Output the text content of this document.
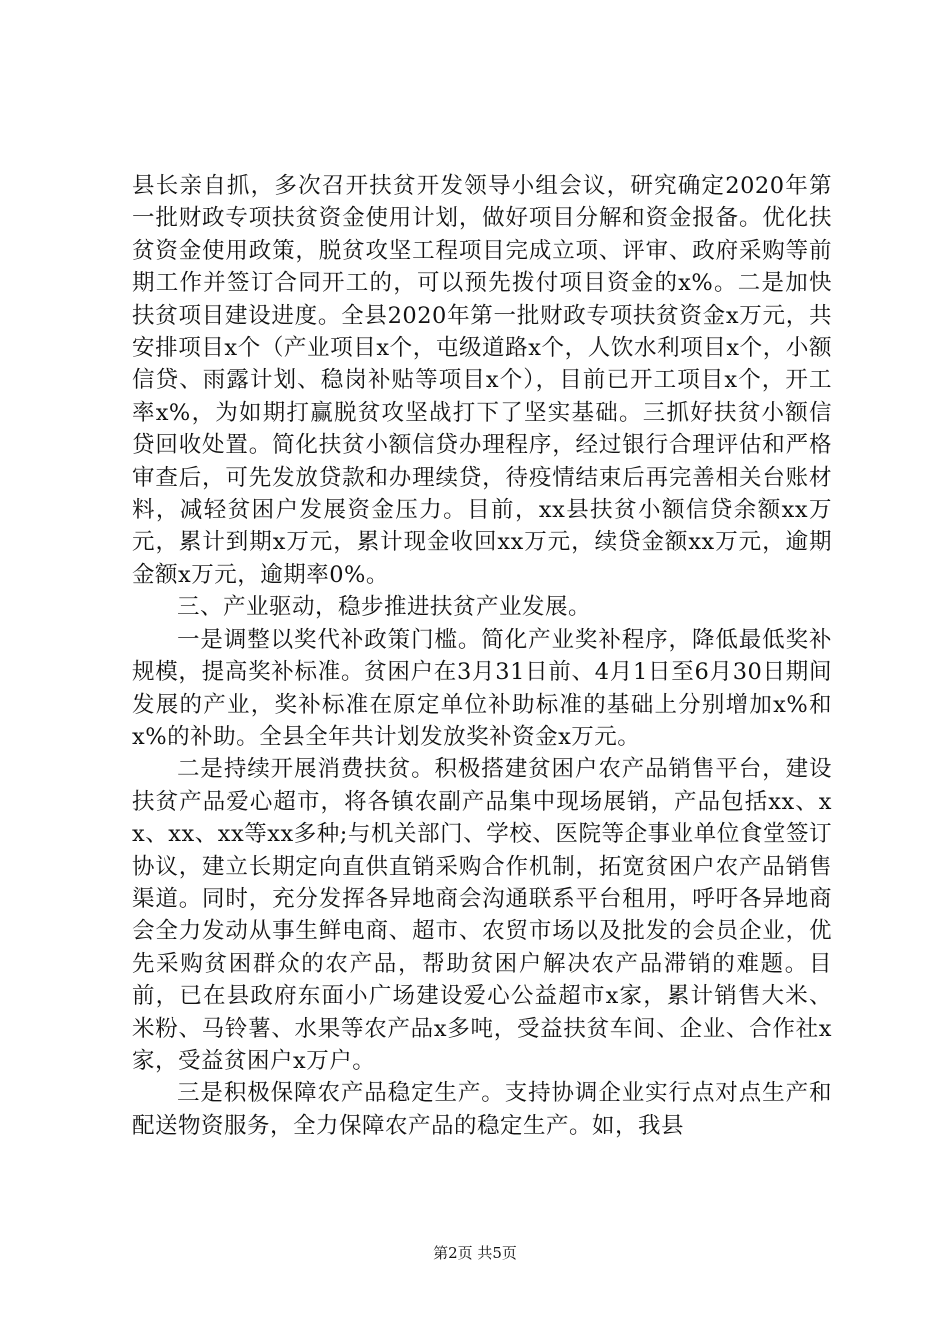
县长亲自抓，多次召开扶贫开发领导小组会议，研究确定2020年第一批财政专项扶贫资金使用计划，做好项目分解和资金报备。优化扶贫资金使用政策，脱贫攻坚工程项目完成立项、评审、政府采购等前期工作并签订合同开工的，可以预先拨付项目资金的x%。二是加快扶贫项目建设进度。全县2020年第一批财政专项扶贫资金x万元，共安排项目x个（产业项目x个，屯级道路x个，人饮水利项目x个，小额信贷、雨露计划、稳岗补贴等项目x个），目前已开工项目x个，开工率x%，为如期打赢脱贫攻坚战打下了坚实基础。三抓好扶贫小额信贷回收处置。简化扶贫小额信贷办理程序，经过银行合理评估和严格审查后，可先发放贷款和办理续贷，待疫情结束后再完善相关台账材料，减轻贫困户发展资金压力。目前，xx县扶贫小额信贷余额xx万元，累计到期x万元，累计现金收回xx万元，续贷金额xx万元，逾期金额x万元，逾期率0%。

三、产业驱动，稳步推进扶贫产业发展。

一是调整以奖代补政策门槛。简化产业奖补程序，降低最低奖补规模，提高奖补标准。贫困户在3月31日前、4月1日至6月30日期间发展的产业，奖补标准在原定单位补助标准的基础上分别增加x%和x%的补助。全县全年共计划发放奖补资金x万元。

二是持续开展消费扶贫。积极搭建贫困户农产品销售平台，建设扶贫产品爱心超市，将各镇农副产品集中现场展销，产品包括xx、xx、xx、xx等xx多种;与机关部门、学校、医院等企事业单位食堂签订协议，建立长期定向直供直销采购合作机制，拓宽贫困户农产品销售渠道。同时，充分发挥各异地商会沟通联系平台租用，呼吁各异地商会全力发动从事生鲜电商、超市、农贸市场以及批发的会员企业，优先采购贫困群众的农产品，帮助贫困户解决农产品滞销的难题。目前，已在县政府东面小广场建设爱心公益超市x家，累计销售大米、米粉、马铃薯、水果等农产品x多吨，受益扶贫车间、企业、合作社x家，受益贫困户x万户。

三是积极保障农产品稳定生产。支持协调企业实行点对点生产和配送物资服务，全力保障农产品的稳定生产。如，我县

第2页 共5页
